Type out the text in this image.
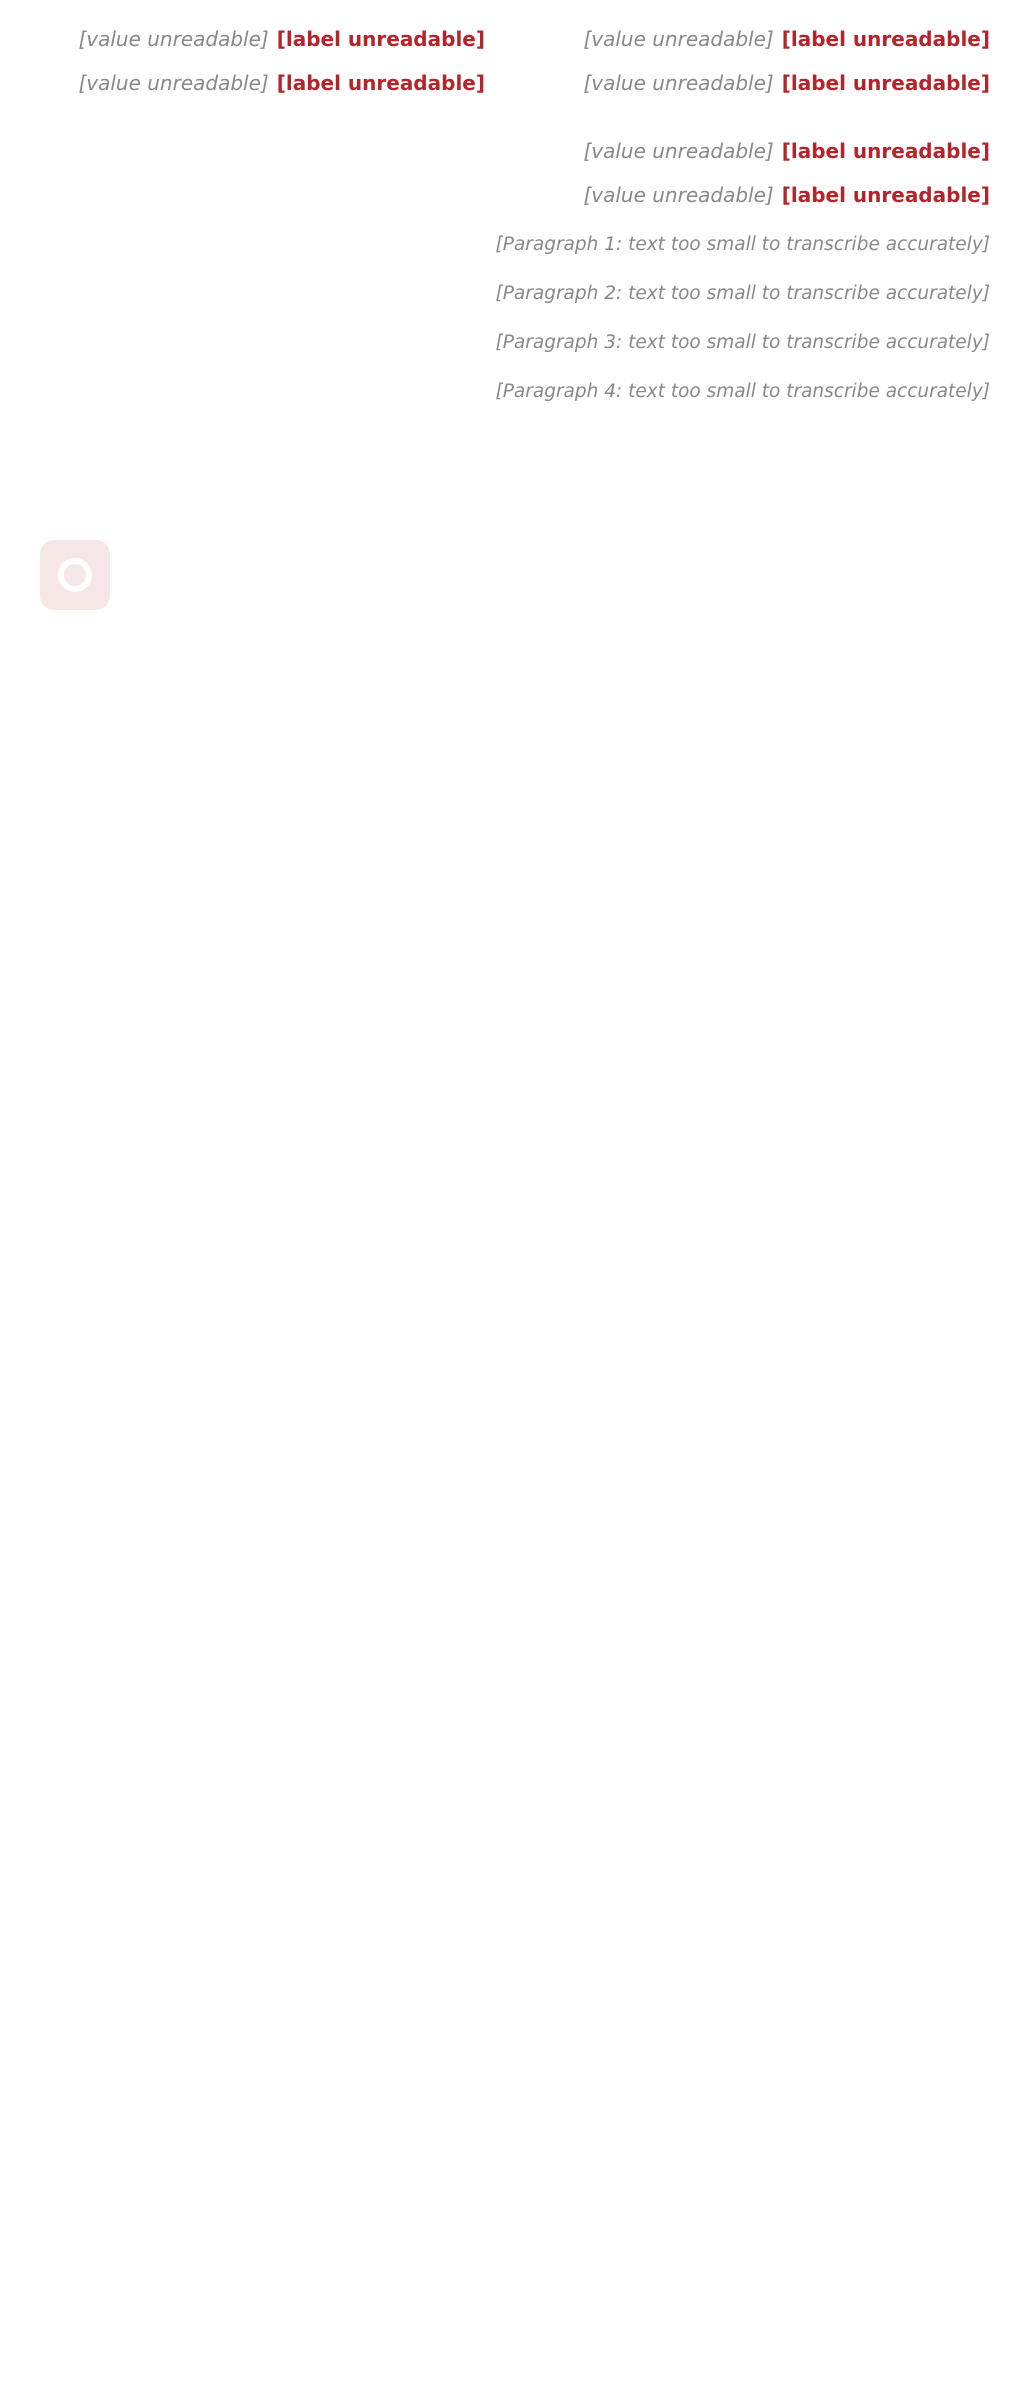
[label unreadable]
[value unreadable]
[label unreadable]
[value unreadable]
[label unreadable]
[value unreadable]
[label unreadable]
[value unreadable]
[label unreadable]
[value unreadable]
[label unreadable]
[value unreadable]

[Paragraph 1: text too small to transcribe accurately]

[Paragraph 2: text too small to transcribe accurately]

[Paragraph 3: text too small to transcribe accurately]

[Paragraph 4: text too small to transcribe accurately]
